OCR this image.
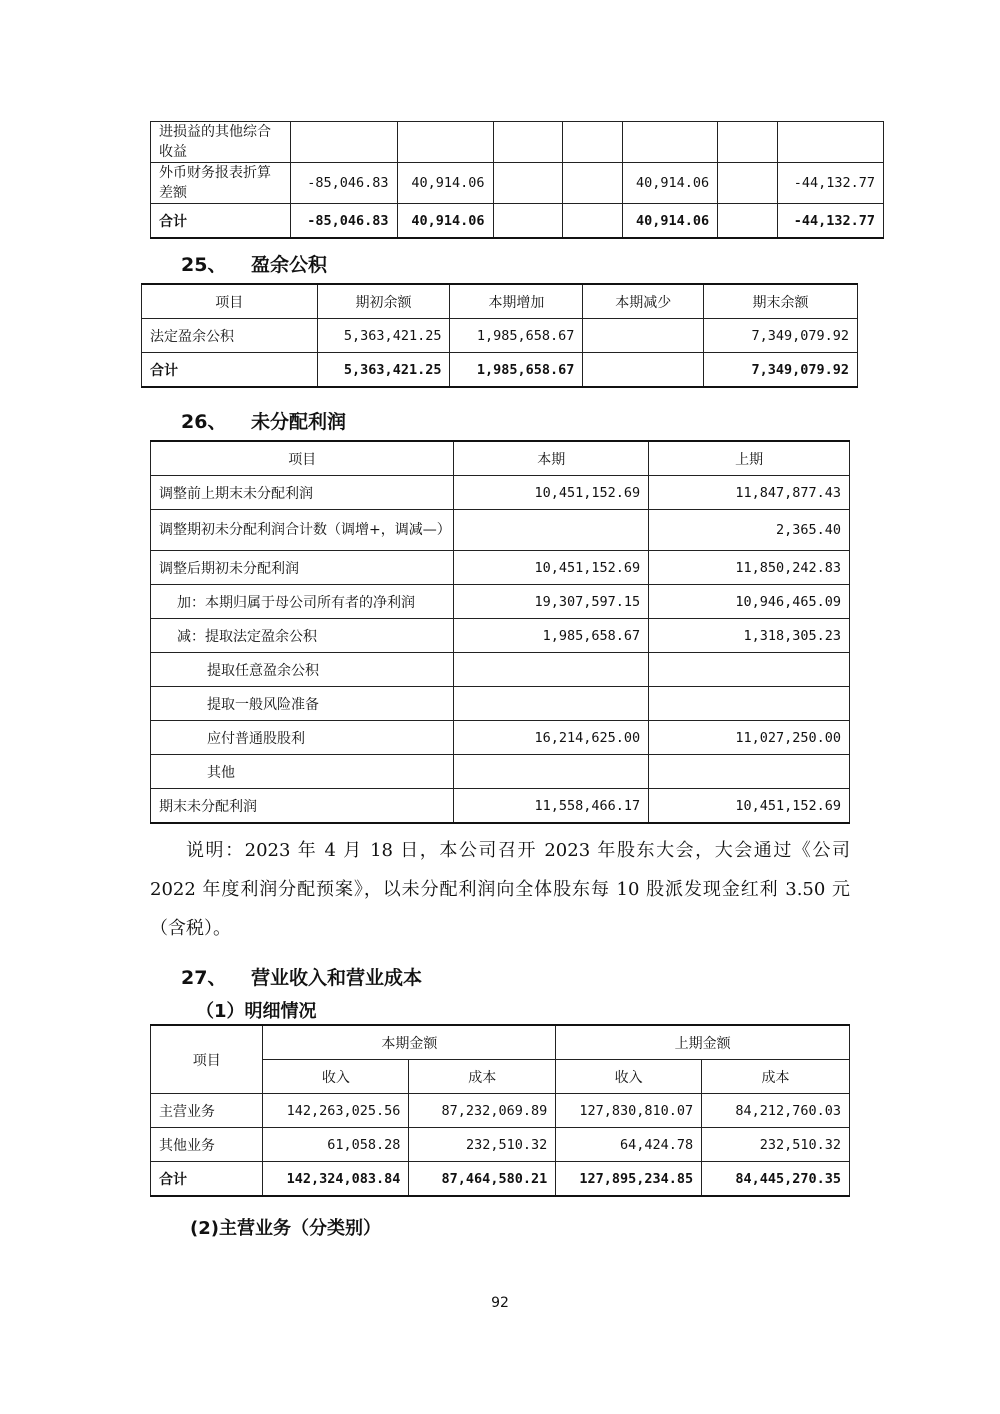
进损益的其他综合收益							
外币财务报表折算差额	-85,046.83	40,914.06			40,914.06		-44,132.77
合计	-85,046.83	40,914.06			40,914.06		-44,132.77
25、 盈余公积
项目	期初余额	本期增加	本期减少	期末余额
法定盈余公积	5,363,421.25	1,985,658.67		7,349,079.92
合计	5,363,421.25	1,985,658.67		7,349,079.92
26、 未分配利润
项目	本期	上期
调整前上期末未分配利润	10,451,152.69	11,847,877.43
调整期初未分配利润合计数（调增+，调减—）		2,365.40
调整后期初未分配利润	10,451,152.69	11,850,242.83
加：本期归属于母公司所有者的净利润	19,307,597.15	10,946,465.09
减：提取法定盈余公积	1,985,658.67	1,318,305.23
提取任意盈余公积		
提取一般风险准备		
应付普通股股利	16,214,625.00	11,027,250.00
其他		
期末未分配利润	11,558,466.17	10,451,152.69
说明：2023 年 4 月 18 日，本公司召开 2023 年股东大会，大会通过《公司 2022 年度利润分配预案》，以未分配利润向全体股东每 10 股派发现金红利 3.50 元（含税）。
27、 营业收入和营业成本
（1）明细情况
项目	本期金额		上期金额	
	收入	成本	收入	成本
主营业务	142,263,025.56	87,232,069.89	127,830,810.07	84,212,760.03
其他业务	61,058.28	232,510.32	64,424.78	232,510.32
合计	142,324,083.84	87,464,580.21	127,895,234.85	84,445,270.35
(2)主营业务（分类别）
92
